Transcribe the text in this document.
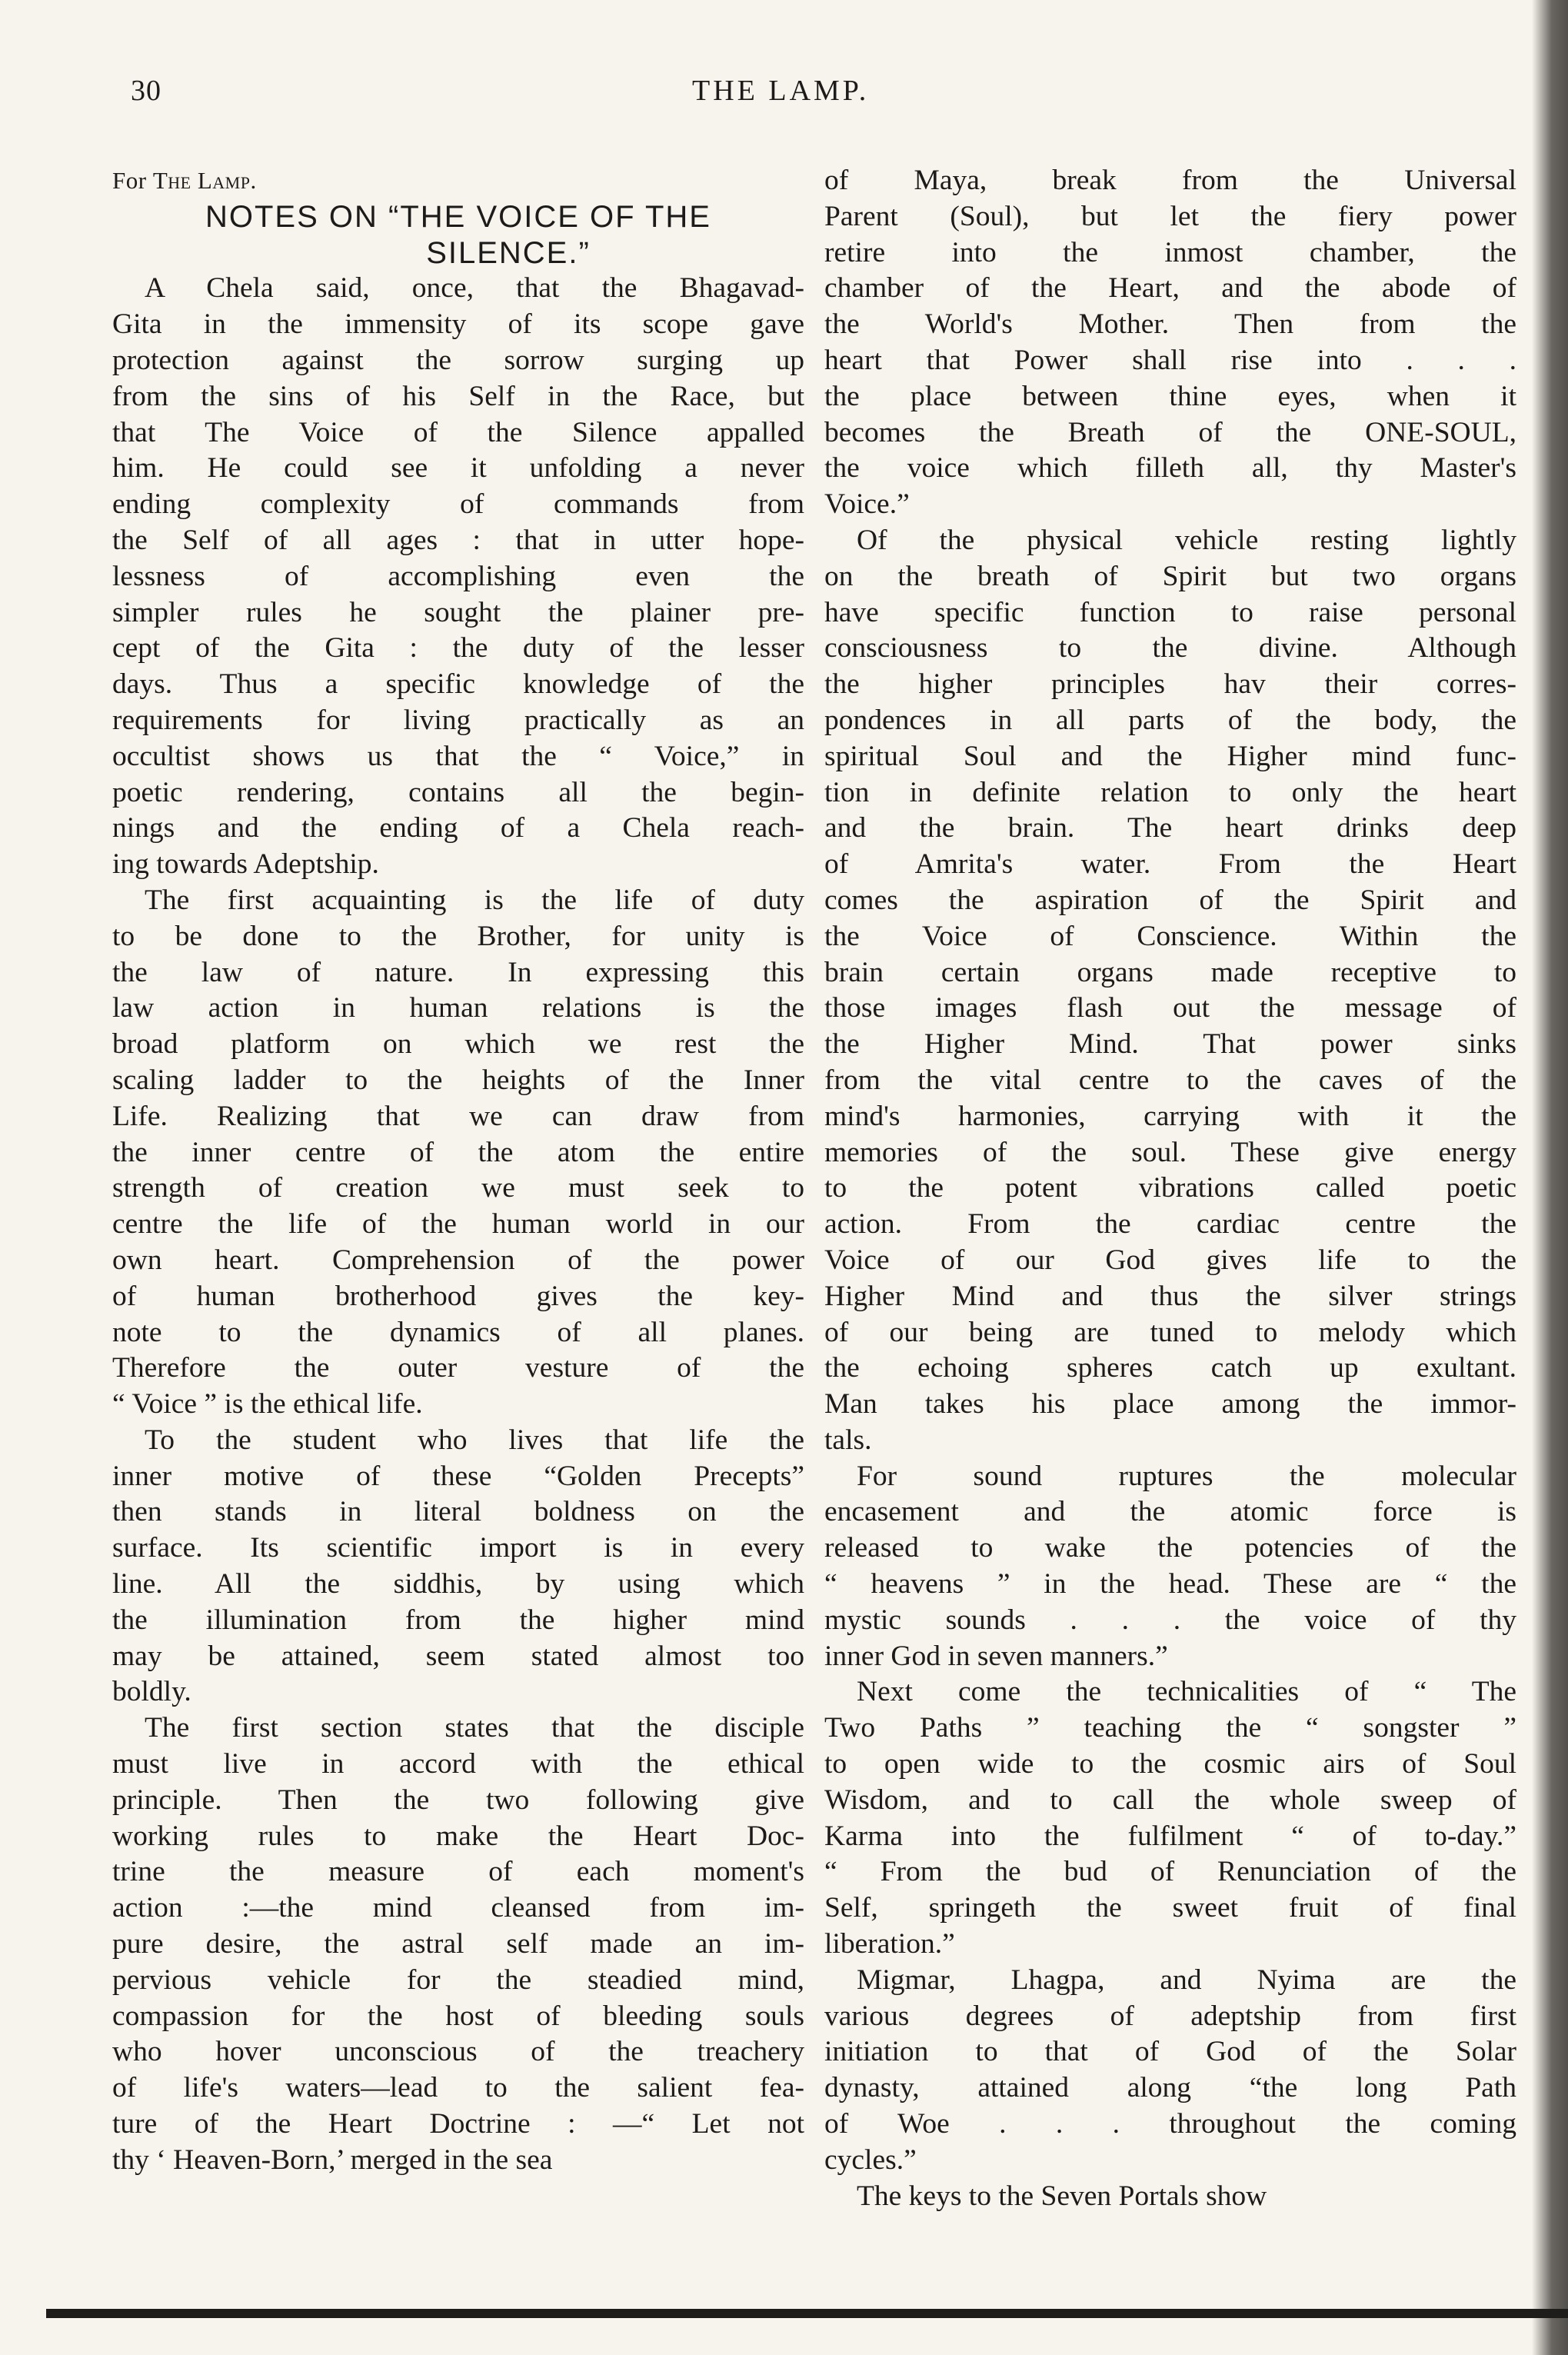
30	THE LAMP.
For The Lamp.
NOTES ON “THE VOICE OF THE
SILENCE.”
A Chela said, once, that the Bhagavad-
Gita in the immensity of its scope gave
protection against the sorrow surging up
from the sins of his Self in the Race, but
that The Voice of the Silence appalled
him. He could see it unfolding a never
ending complexity of commands from
the Self of all ages : that in utter hope-
lessness of accomplishing even the
simpler rules he sought the plainer pre-
cept of the Gita : the duty of the lesser
days. Thus a specific knowledge of the
requirements for living practically as an
occultist shows us that the “ Voice,” in
poetic rendering, contains all the begin-
nings and the ending of a Chela reach-
ing towards Adeptship.
The first acquainting is the life of duty
to be done to the Brother, for unity is
the law of nature. In expressing this
law action in human relations is the
broad platform on which we rest the
scaling ladder to the heights of the Inner
Life. Realizing that we can draw from
the inner centre of the atom the entire
strength of creation we must seek to
centre the life of the human world in our
own heart. Comprehension of the power
of human brotherhood gives the key-
note to the dynamics of all planes.
Therefore the outer vesture of the
“ Voice ” is the ethical life.
To the student who lives that life the
inner motive of these “Golden Precepts”
then stands in literal boldness on the
surface. Its scientific import is in every
line. All the siddhis, by using which
the illumination from the higher mind
may be attained, seem stated almost too
boldly.
The first section states that the disciple
must live in accord with the ethical
principle. Then the two following give
working rules to make the Heart Doc-
trine the measure of each moment's
action :—the mind cleansed from im-
pure desire, the astral self made an im-
pervious vehicle for the steadied mind,
compassion for the host of bleeding souls
who hover unconscious of the treachery
of life's waters—lead to the salient fea-
ture of the Heart Doctrine : —“ Let not
thy ‘ Heaven-Born,’ merged in the sea
of Maya, break from the Universal
Parent (Soul), but let the fiery power
retire into the inmost chamber, the
chamber of the Heart, and the abode of
the World's Mother. Then from the
heart that Power shall rise into . . .
the place between thine eyes, when it
becomes the Breath of the ONE-SOUL,
the voice which filleth all, thy Master's
Voice.”
Of the physical vehicle resting lightly
on the breath of Spirit but two organs
have specific function to raise personal
consciousness to the divine. Although
the higher principles hav their corres-
pondences in all parts of the body, the
spiritual Soul and the Higher mind func-
tion in definite relation to only the heart
and the brain. The heart drinks deep
of Amrita's water. From the Heart
comes the aspiration of the Spirit and
the Voice of Conscience. Within the
brain certain organs made receptive to
those images flash out the message of
the Higher Mind. That power sinks
from the vital centre to the caves of the
mind's harmonies, carrying with it the
memories of the soul. These give energy
to the potent vibrations called poetic
action. From the cardiac centre the
Voice of our God gives life to the
Higher Mind and thus the silver strings
of our being are tuned to melody which
the echoing spheres catch up exultant.
Man takes his place among the immor-
tals.
For sound ruptures the molecular
encasement and the atomic force is
released to wake the potencies of the
“ heavens ” in the head. These are “ the
mystic sounds . . . the voice of thy
inner God in seven manners.”
Next come the technicalities of “ The
Two Paths ” teaching the “ songster ”
to open wide to the cosmic airs of Soul
Wisdom, and to call the whole sweep of
Karma into the fulfilment “ of to-day.”
“ From the bud of Renunciation of the
Self, springeth the sweet fruit of final
liberation.”
Migmar, Lhagpa, and Nyima are the
various degrees of adeptship from first
initiation to that of God of the Solar
dynasty, attained along “the long Path
of Woe . . . throughout the coming
cycles.”
The keys to the Seven Portals show
